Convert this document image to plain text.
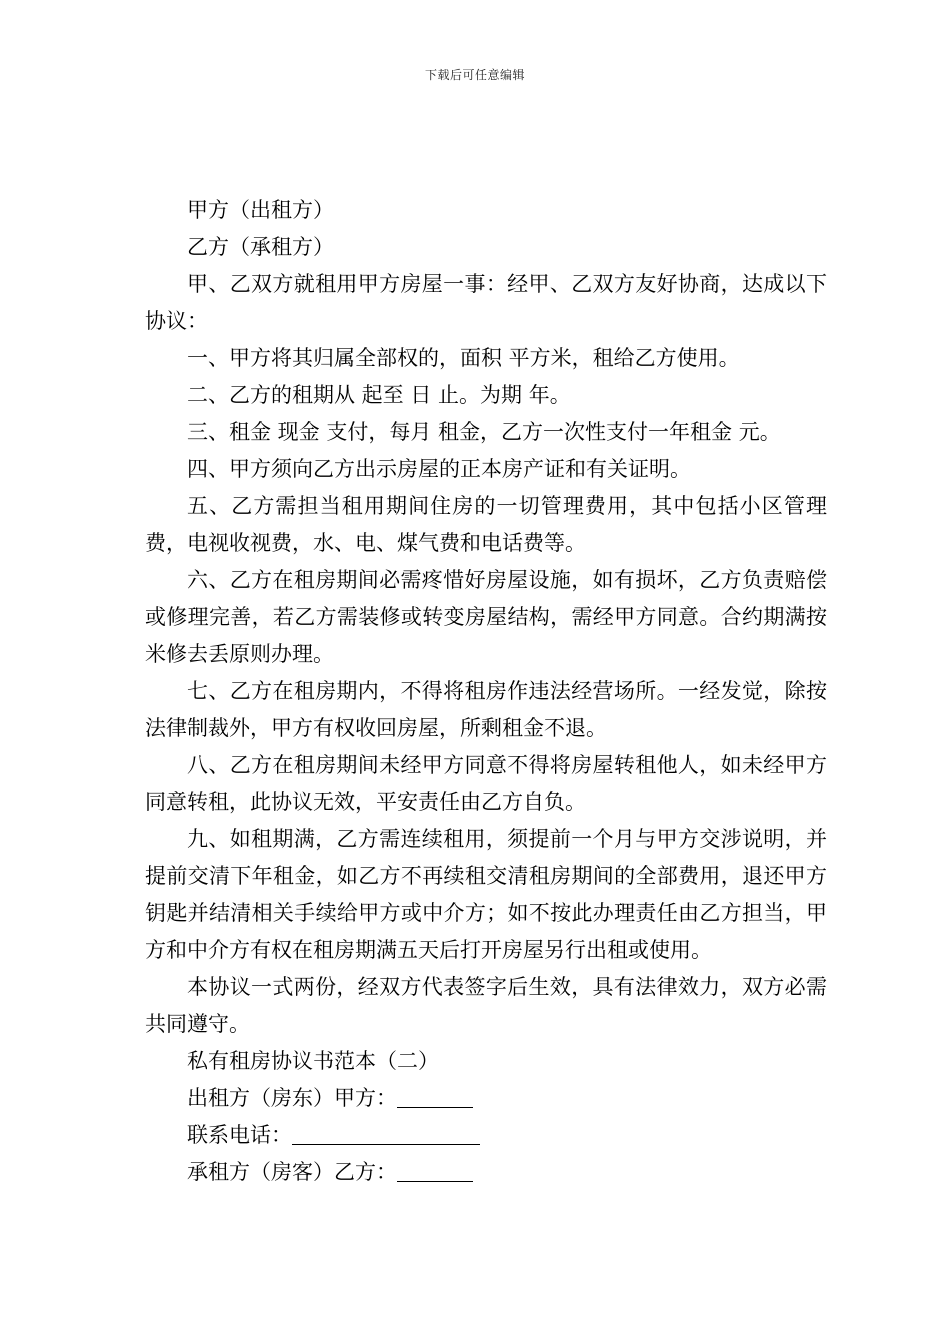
下载后可任意编辑

甲方（出租方）

乙方（承租方）

甲、乙双方就租用甲方房屋一事：经甲、乙双方友好协商，达成以下协议：

一、甲方将其归属全部权的，面积 平方米，租给乙方使用。

二、乙方的租期从 起至 日 止。为期 年。

三、租金 现金 支付，每月 租金，乙方一次性支付一年租金 元。

四、甲方须向乙方出示房屋的正本房产证和有关证明。

五、乙方需担当租用期间住房的一切管理费用，其中包括小区管理费，电视收视费，水、电、煤气费和电话费等。

六、乙方在租房期间必需疼惜好房屋设施，如有损坏，乙方负责赔偿或修理完善，若乙方需装修或转变房屋结构，需经甲方同意。合约期满按米修去丢原则办理。

七、乙方在租房期内，不得将租房作违法经营场所。一经发觉，除按法律制裁外，甲方有权收回房屋，所剩租金不退。

八、乙方在租房期间未经甲方同意不得将房屋转租他人，如未经甲方同意转租，此协议无效，平安责任由乙方自负。

九、如租期满，乙方需连续租用，须提前一个月与甲方交涉说明，并提前交清下年租金，如乙方不再续租交清租房期间的全部费用，退还甲方钥匙并结清相关手续给甲方或中介方；如不按此办理责任由乙方担当，甲方和中介方有权在租房期满五天后打开房屋另行出租或使用。

本协议一式两份，经双方代表签字后生效，具有法律效力，双方必需共同遵守。

私有租房协议书范本（二）

出租方（房东）甲方：

联系电话：

承租方（房客）乙方：
